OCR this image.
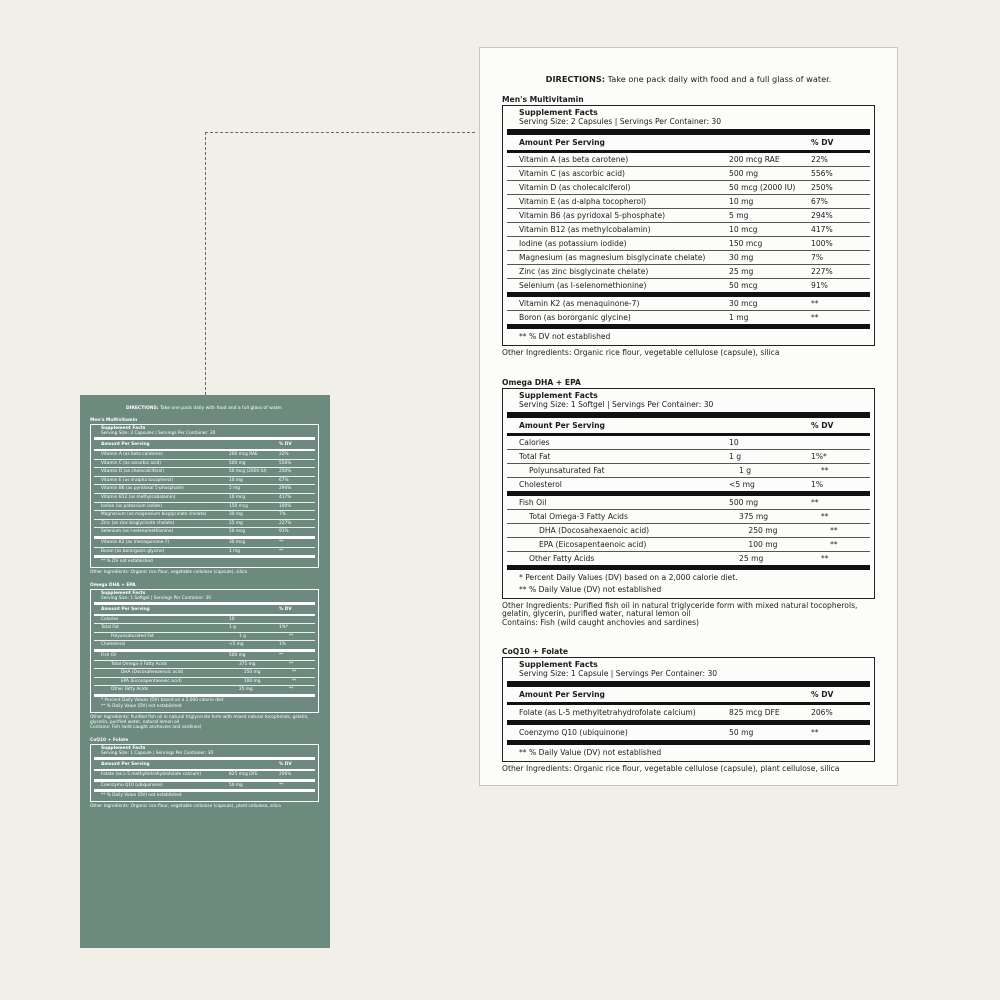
DIRECTIONS: Take one pack daily with food and a full glass of water.
Men's Multivitamin
Supplement Facts
Serving Size: 2 Capsules | Servings Per Container: 30
Amount Per Serving	% DV
Vitamin A (as beta carotene)	200 mcg RAE	22%
Vitamin C (as ascorbic acid)	500 mg	556%
Vitamin D (as cholecalciferol)	50 mcg (2000 IU)	250%
Vitamin E (as d-alpha tocopherol)	10 mg	67%
Vitamin B6 (as pyridoxal 5-phosphate)	5 mg	294%
Vitamin B12 (as methylcobalamin)	10 mcg	417%
Iodine (as potassium iodide)	150 mcg	100%
Magnesium (as magnesium bisglycinate chelate)	30 mg	7%
Zinc (as zinc bisglycinate chelate)	25 mg	227%
Selenium (as l-selenomethionine)	50 mcg	91%
Vitamin K2 (as menaquinone-7)	30 mcg	**
Boron (as bororganic glycine)	1 mg	**
** % DV not established
Other Ingredients: Organic rice flour, vegetable cellulose (capsule), silica
Omega DHA + EPA
Supplement Facts
Serving Size: 1 Softgel | Servings Per Container: 30
Amount Per Serving	% DV
Calories	10
Total Fat	1 g	1%*
Polyunsaturated Fat	1 g	**
Cholesterol	<5 mg	1%
Fish Oil	500 mg	**
Total Omega-3 Fatty Acids	375 mg	**
DHA (Docosahexaenoic acid)	250 mg	**
EPA (Eicosapentaenoic acid)	100 mg	**
Other Fatty Acids	25 mg	**
* Percent Daily Values (DV) based on a 2,000 calorie diet.
** % Daily Value (DV) not established
Other Ingredients: Purified fish oil in natural triglyceride form with mixed natural tocopherols, gelatin, glycerin, purified water, natural lemon oil
Contains: Fish (wild caught anchovies and sardines)
CoQ10 + Folate
Supplement Facts
Serving Size: 1 Capsule | Servings Per Container: 30
Amount Per Serving	% DV
Folate (as L-5 methyltetrahydrofolate calcium)	825 mcg DFE	206%
Coenzymo Q10 (ubiquinone)	50 mg	**
** % Daily Value (DV) not established
Other Ingredients: Organic rice flour, vegetable cellulose (capsule), plant cellulose, silica
DIRECTIONS: Take one pack daily with food and a full glass of water.
Men's Multivitamin
Supplement Facts
Serving Size: 2 Capsules | Servings Per Container: 30
Amount Per Serving	% DV
Vitamin A (as beta carotene)	200 mcg RAE	22%
Vitamin C (as ascorbic acid)	500 mg	556%
Vitamin D (as cholecalciferol)	50 mcg (2000 IU)	250%
Vitamin E (as d-alpha tocopherol)	10 mg	67%
Vitamin B6 (as pyridoxal 5-phosphate)	5 mg	294%
Vitamin B12 (as methylcobalamin)	10 mcg	417%
Iodine (as potassium iodide)	150 mcg	100%
Magnesium (as magnesium bisglycinate chelate)	30 mg	7%
Zinc (as zinc bisglycinate chelate)	25 mg	227%
Selenium (as l-selenomethionine)	50 mcg	91%
Vitamin K2 (as menaquinone-7)	30 mcg	**
Boron (as bororganic glycine)	1 mg	**
** % DV not established
Other Ingredients: Organic rice flour, vegetable cellulose (capsule), silica
Omega DHA + EPA
Supplement Facts
Serving Size: 1 Softgel | Servings Per Container: 30
Amount Per Serving	% DV
Calories	10
Total Fat	1 g	1%*
Polyunsaturated Fat	1 g	**
Cholesterol	<5 mg	1%
Fish Oil	500 mg	**
Total Omega-3 Fatty Acids	375 mg	**
DHA (Docosahexaenoic acid)	250 mg	**
EPA (Eicosapentaenoic acid)	100 mg	**
Other Fatty Acids	25 mg	**
* Percent Daily Values (DV) based on a 2,000 calorie diet.
** % Daily Value (DV) not established
Other Ingredients: Purified fish oil in natural triglyceride form with mixed natural tocopherols, gelatin, glycerin, purified water, natural lemon oil
Contains: Fish (wild caught anchovies and sardines)
CoQ10 + Folate
Supplement Facts
Serving Size: 1 Capsule | Servings Per Container: 30
Amount Per Serving	% DV
Folate (as L-5 methyltetrahydrofolate calcium)	825 mcg DFE	206%
Coenzymo Q10 (ubiquinone)	50 mg	**
** % Daily Value (DV) not established
Other Ingredients: Organic rice flour, vegetable cellulose (capsule), plant cellulose, silica
